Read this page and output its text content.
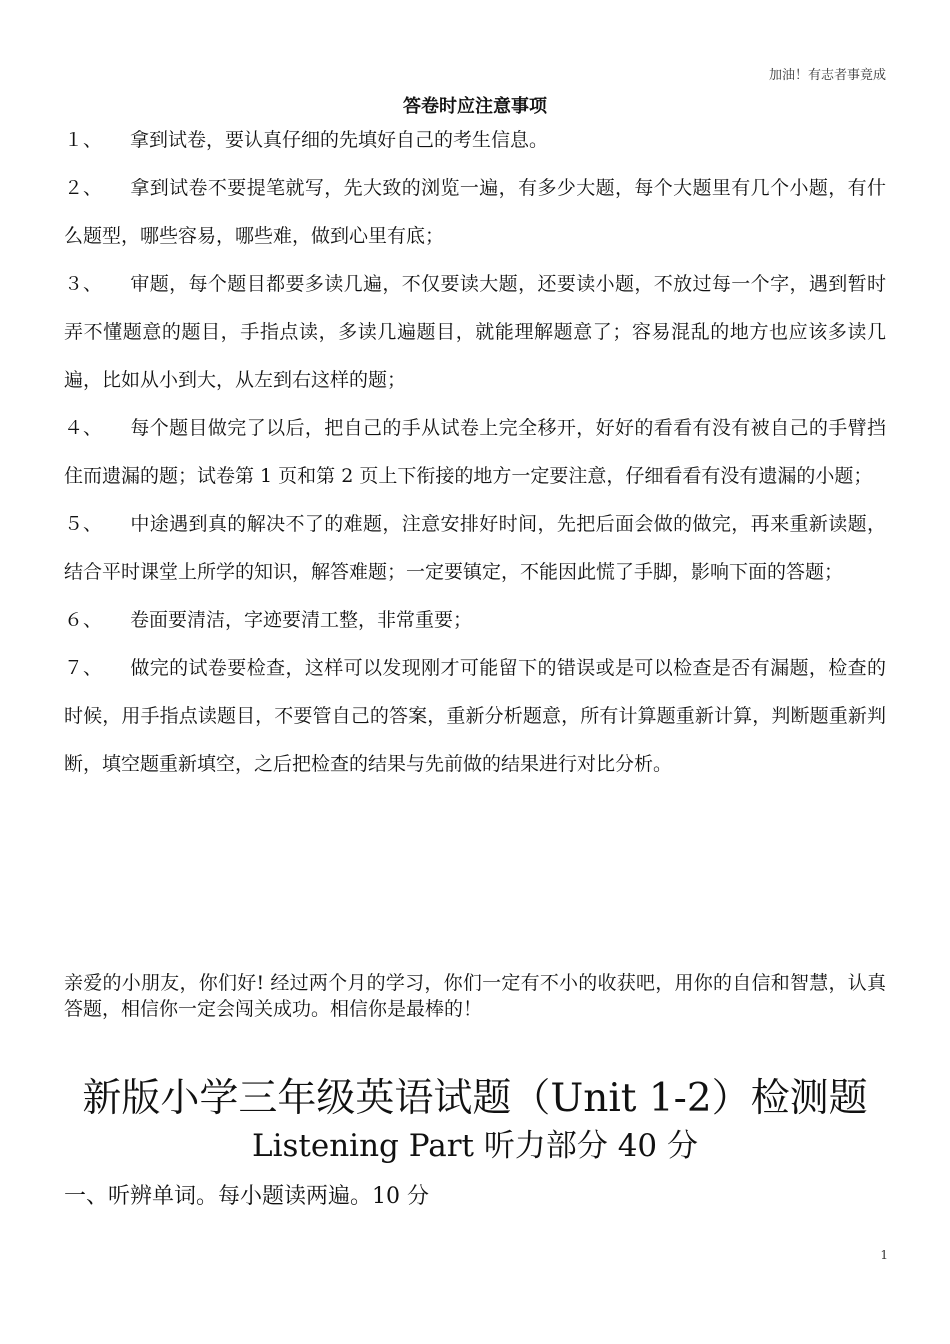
加油！有志者事竟成
答卷时应注意事项

１、 拿到试卷，要认真仔细的先填好自己的考生信息。

２、 拿到试卷不要提笔就写，先大致的浏览一遍，有多少大题，每个大题里有几个小题，有什么题型，哪些容易，哪些难，做到心里有底；

３、 审题，每个题目都要多读几遍，不仅要读大题，还要读小题，不放过每一个字，遇到暂时弄不懂题意的题目，手指点读，多读几遍题目，就能理解题意了；容易混乱的地方也应该多读几遍，比如从小到大，从左到右这样的题；

４、 每个题目做完了以后，把自己的手从试卷上完全移开，好好的看看有没有被自己的手臂挡住而遗漏的题；试卷第 1 页和第 2 页上下衔接的地方一定要注意，仔细看看有没有遗漏的小题；

５、 中途遇到真的解决不了的难题，注意安排好时间，先把后面会做的做完，再来重新读题，结合平时课堂上所学的知识，解答难题；一定要镇定，不能因此慌了手脚，影响下面的答题；

６、 卷面要清洁，字迹要清工整，非常重要；

７、 做完的试卷要检查，这样可以发现刚才可能留下的错误或是可以检查是否有漏题，检查的时候，用手指点读题目，不要管自己的答案，重新分析题意，所有计算题重新计算，判断题重新判断，填空题重新填空，之后把检查的结果与先前做的结果进行对比分析。

亲爱的小朋友，你们好! 经过两个月的学习，你们一定有不小的收获吧，用你的自信和智慧，认真答题，相信你一定会闯关成功。相信你是最棒的！
新版小学三年级英语试题（Unit 1-2）检测题
Listening Part 听力部分 40 分
一、听辨单词。每小题读两遍。10 分
1
